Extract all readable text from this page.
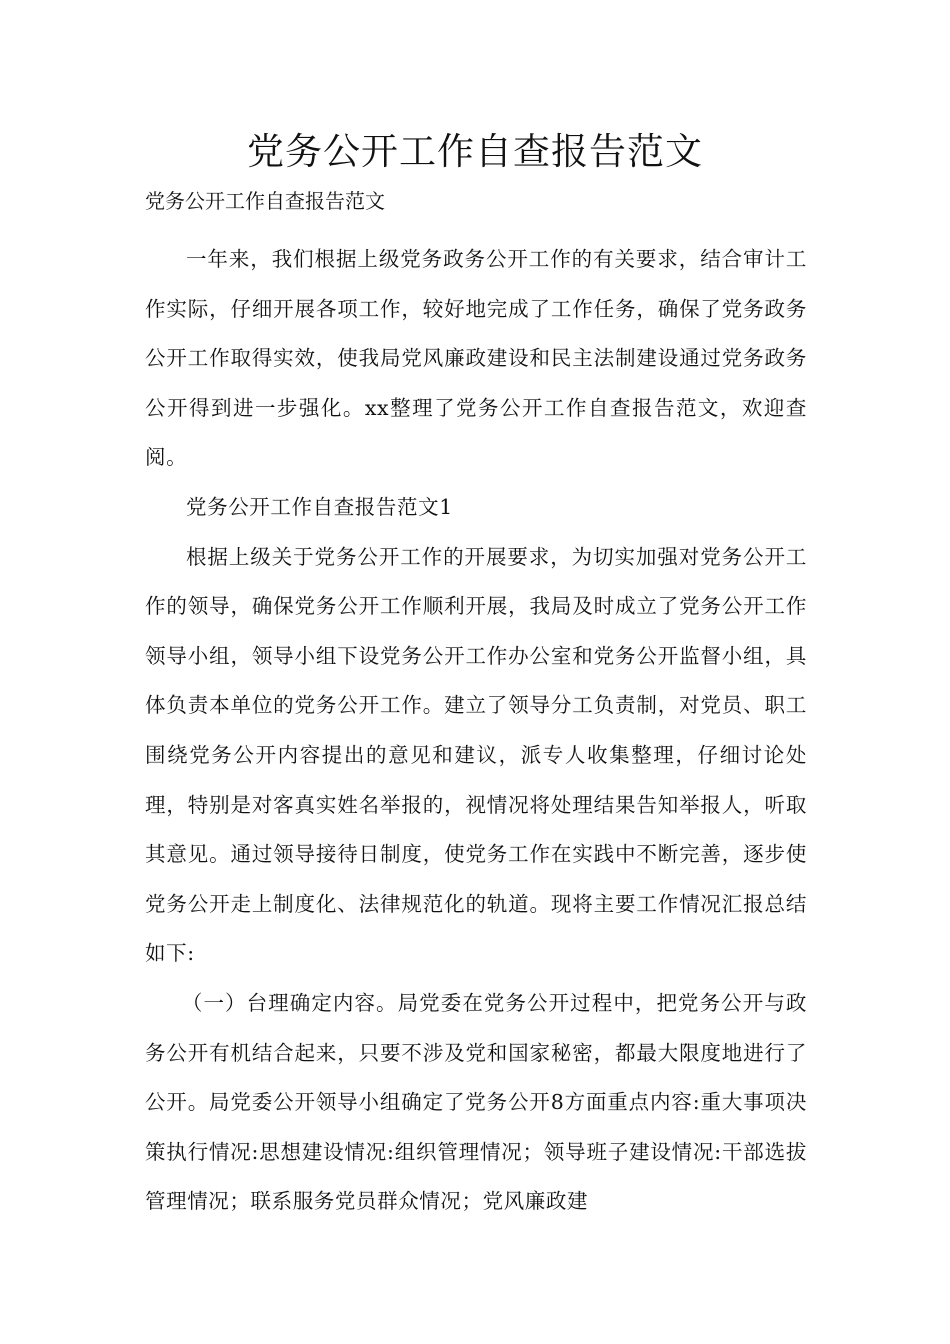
党务公开工作自查报告范文

党务公开工作自查报告范文

一年来，我们根据上级党务政务公开工作的有关要求，结合审计工作实际，仔细开展各项工作，较好地完成了工作任务，确保了党务政务公开工作取得实效，使我局党风廉政建设和民主法制建设通过党务政务公开得到进一步强化。xx整理了党务公开工作自查报告范文，欢迎查阅。

党务公开工作自查报告范文1

根据上级关于党务公开工作的开展要求，为切实加强对党务公开工作的领导，确保党务公开工作顺利开展，我局及时成立了党务公开工作领导小组，领导小组下设党务公开工作办公室和党务公开监督小组，具体负责本单位的党务公开工作。建立了领导分工负责制，对党员、职工围绕党务公开内容提出的意见和建议，派专人收集整理，仔细讨论处理，特别是对客真实姓名举报的，视情况将处理结果告知举报人，听取其意见。通过领导接待日制度，使党务工作在实践中不断完善，逐步使党务公开走上制度化、法律规范化的轨道。现将主要工作情况汇报总结如下:

（一）台理确定内容。局党委在党务公开过程中，把党务公开与政务公开有机结合起来，只要不涉及党和国家秘密，都最大限度地进行了公开。局党委公开领导小组确定了党务公开8方面重点内容:重大事项决策执行情况:思想建设情况:组织管理情况；领导班子建设情况:干部选拔管理情况；联系服务党员群众情况；党风廉政建
